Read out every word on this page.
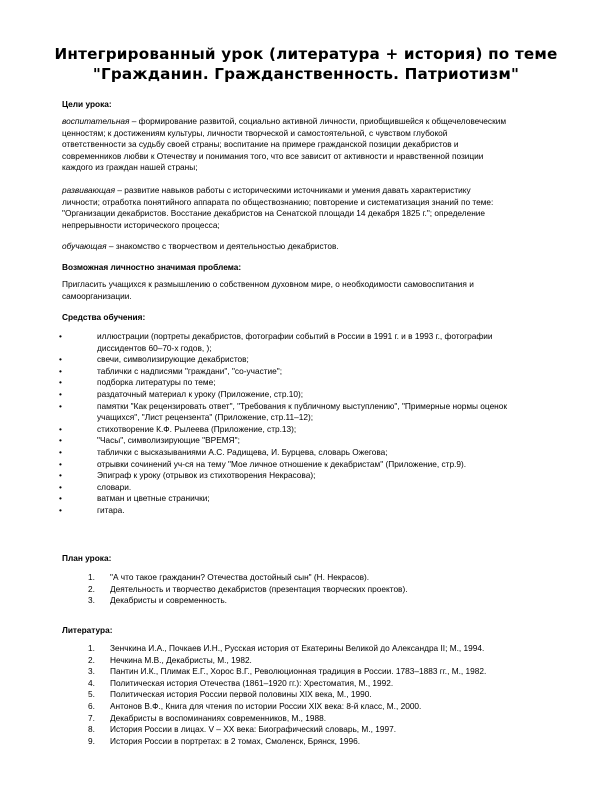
Интегрированный урок (литература + история) по теме
"Гражданин. Гражданственность. Патриотизм"
Цели урока:
воспитательная – формирование развитой, социально активной личности, приобщившейся к общечеловеческим
ценностям; к достижениям культуры, личности творческой и самостоятельной, с чувством глубокой
ответственности за судьбу своей страны; воспитание на примере гражданской позиции декабристов и
современников любви к Отечеству и понимания того, что все зависит от активности и нравственной позиции
каждого из граждан нашей страны;
развивающая – развитие навыков работы с историческими источниками и умения давать характеристику
личности; отработка понятийного аппарата по обществознанию; повторение и систематизация знаний по теме:
"Организации декабристов. Восстание декабристов на Сенатской площади 14 декабря 1825 г."; определение
непрерывности исторического процесса;
обучающая – знакомство с творчеством и деятельностью декабристов.
Возможная личностно значимая проблема:
Пригласить учащихся к размышлению о собственном духовном мире, о необходимости самовоспитания и
самоорганизации.
Средства обучения:
•	иллюстрации (портреты декабристов, фотографии событий в России в 1991 г. и в 1993 г., фотографии
диссидентов 60–70-х годов, );
•	свечи, символизирующие декабристов;
•	таблички с надписями "граждани", "со-участие";
•	подборка литературы по теме;
•	раздаточный материал к уроку (Приложение, стр.10);
•	памятки "Как рецензировать ответ", "Требования к публичному выступлению", "Примерные нормы оценок
учащихся", "Лист рецензента" (Приложение, стр.11–12);
•	стихотворение К.Ф. Рылеева (Приложение, стр.13);
•	"Часы", символизирующие "ВРЕМЯ";
•	таблички с высказываниями А.С. Радищева, И. Бурцева, словарь Ожегова;
•	отрывки сочинений уч-ся на тему "Мое личное отношение к декабристам" (Приложение, стр.9).
•	Эпиграф к уроку (отрывок из стихотворения Некрасова);
•	словари.
•	ватман и цветные странички;
•	гитара.
План урока:
1. "А что такое гражданин? Отечества достойный сын" (Н. Некрасов).
2. Деятельность и творчество декабристов (презентация творческих проектов).
3. Декабристы и современность.
Литература:
1. Зенчкина И.А., Почкаев И.Н., Русская история от Екатерины Великой до Александра II; М., 1994.
2. Нечкина М.В., Декабристы, М., 1982.
3. Пантин И.К., Плимак Е.Г., Хорос В.Г., Революционная традиция в России. 1783–1883 гг., М., 1982.
4. Политическая история Отечества (1861–1920 гг.): Хрестоматия, М., 1992.
5. Политическая история России первой половины XIX века, М., 1990.
6. Антонов В.Ф., Книга для чтения по истории России XIX века: 8-й класс, М., 2000.
7. Декабристы в воспоминаниях современников, М., 1988.
8. История России в лицах. V – XX века: Биографический словарь, М., 1997.
9. История России в портретах: в 2 томах, Смоленск, Брянск, 1996.
